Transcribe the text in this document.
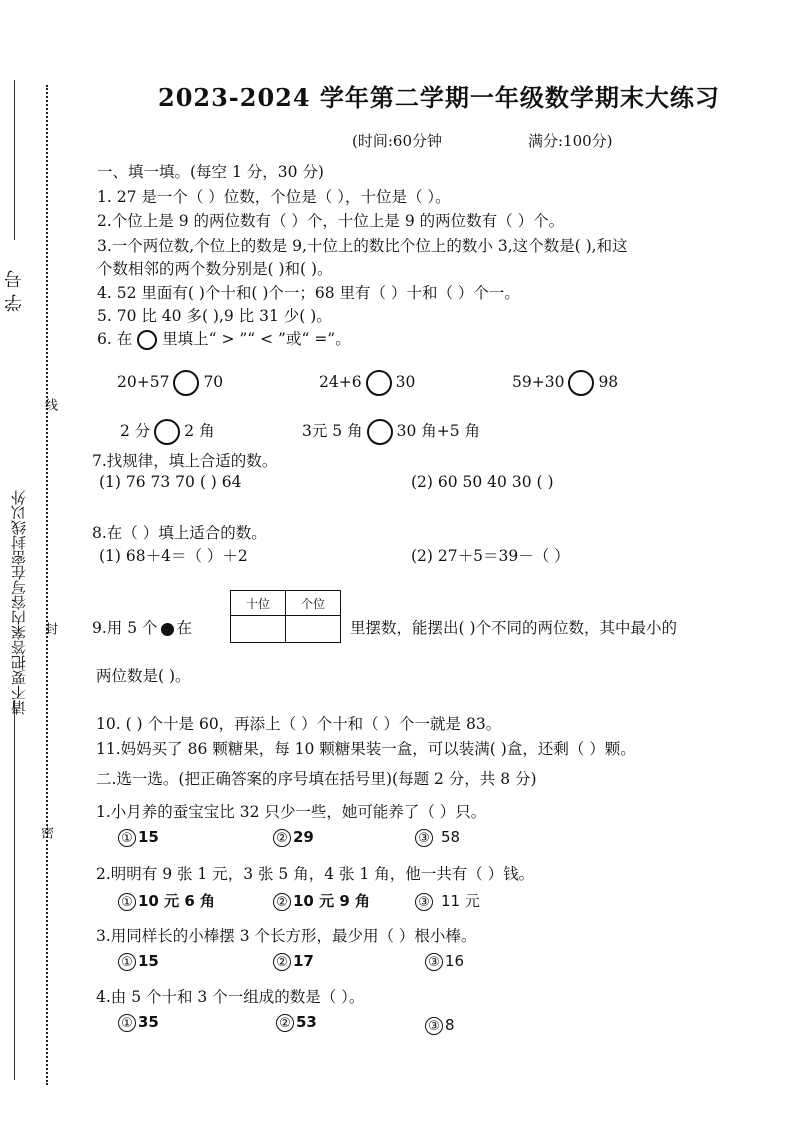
学 号
请不要把答案内容写在密封线以外
线
封
密
2023-2024 学年第二学期一年级数学期末大练习
(时间:60分钟	满分:100分)
一、填一填。(每空 1 分，30 分)
1. 27 是一个（ ）位数，个位是（ ），十位是（ ）。
2.个位上是 9 的两位数有（ ）个，十位上是 9 的两位数有（ ）个。
3.一个两位数,个位上的数是 9,十位上的数比个位上的数小 3,这个数是( ),和这
个数相邻的两个数分别是( )和( )。
4. 52 里面有( )个十和( )个一；68 里有（ ）十和（ ）个一。
5. 70 比 40 多( ),9 比 31 少( )。
6. 在 里填上“ > ”“ < ”或“ =”。
20+57 70	24+6 30	59+30 98
2 分 2 角	3元 5 角 30 角+5 角
7.找规律，填上合适的数。
(1) 76 73 70 ( ) 64	(2) 60 50 40 30 ( )
8.在（ ）填上适合的数。
(1) 68＋4＝（ ）＋2	(2) 27＋5＝39－（ ）
9.用 5 个 在
十位	个位

里摆数，能摆出( )个不同的两位数，其中最小的
两位数是( )。
10. ( ) 个十是 60，再添上（ ）个十和（ ）个一就是 83。
11.妈妈买了 86 颗糖果，每 10 颗糖果装一盒，可以装满( )盒，还剩（ ）颗。
二.选一选。(把正确答案的序号填在括号里)(每题 2 分，共 8 分)
1.小月养的蚕宝宝比 32 只少一些，她可能养了（ ）只。
① 15	② 29	③ 58
2.明明有 9 张 1 元，3 张 5 角，4 张 1 角，他一共有（ ）钱。
① 10 元 6 角	② 10 元 9 角	③ 11 元
3.用同样长的小棒摆 3 个长方形，最少用（ ）根小棒。
① 15	② 17	③ 16
4.由 5 个十和 3 个一组成的数是（ ）。
① 35	② 53	③ 8
